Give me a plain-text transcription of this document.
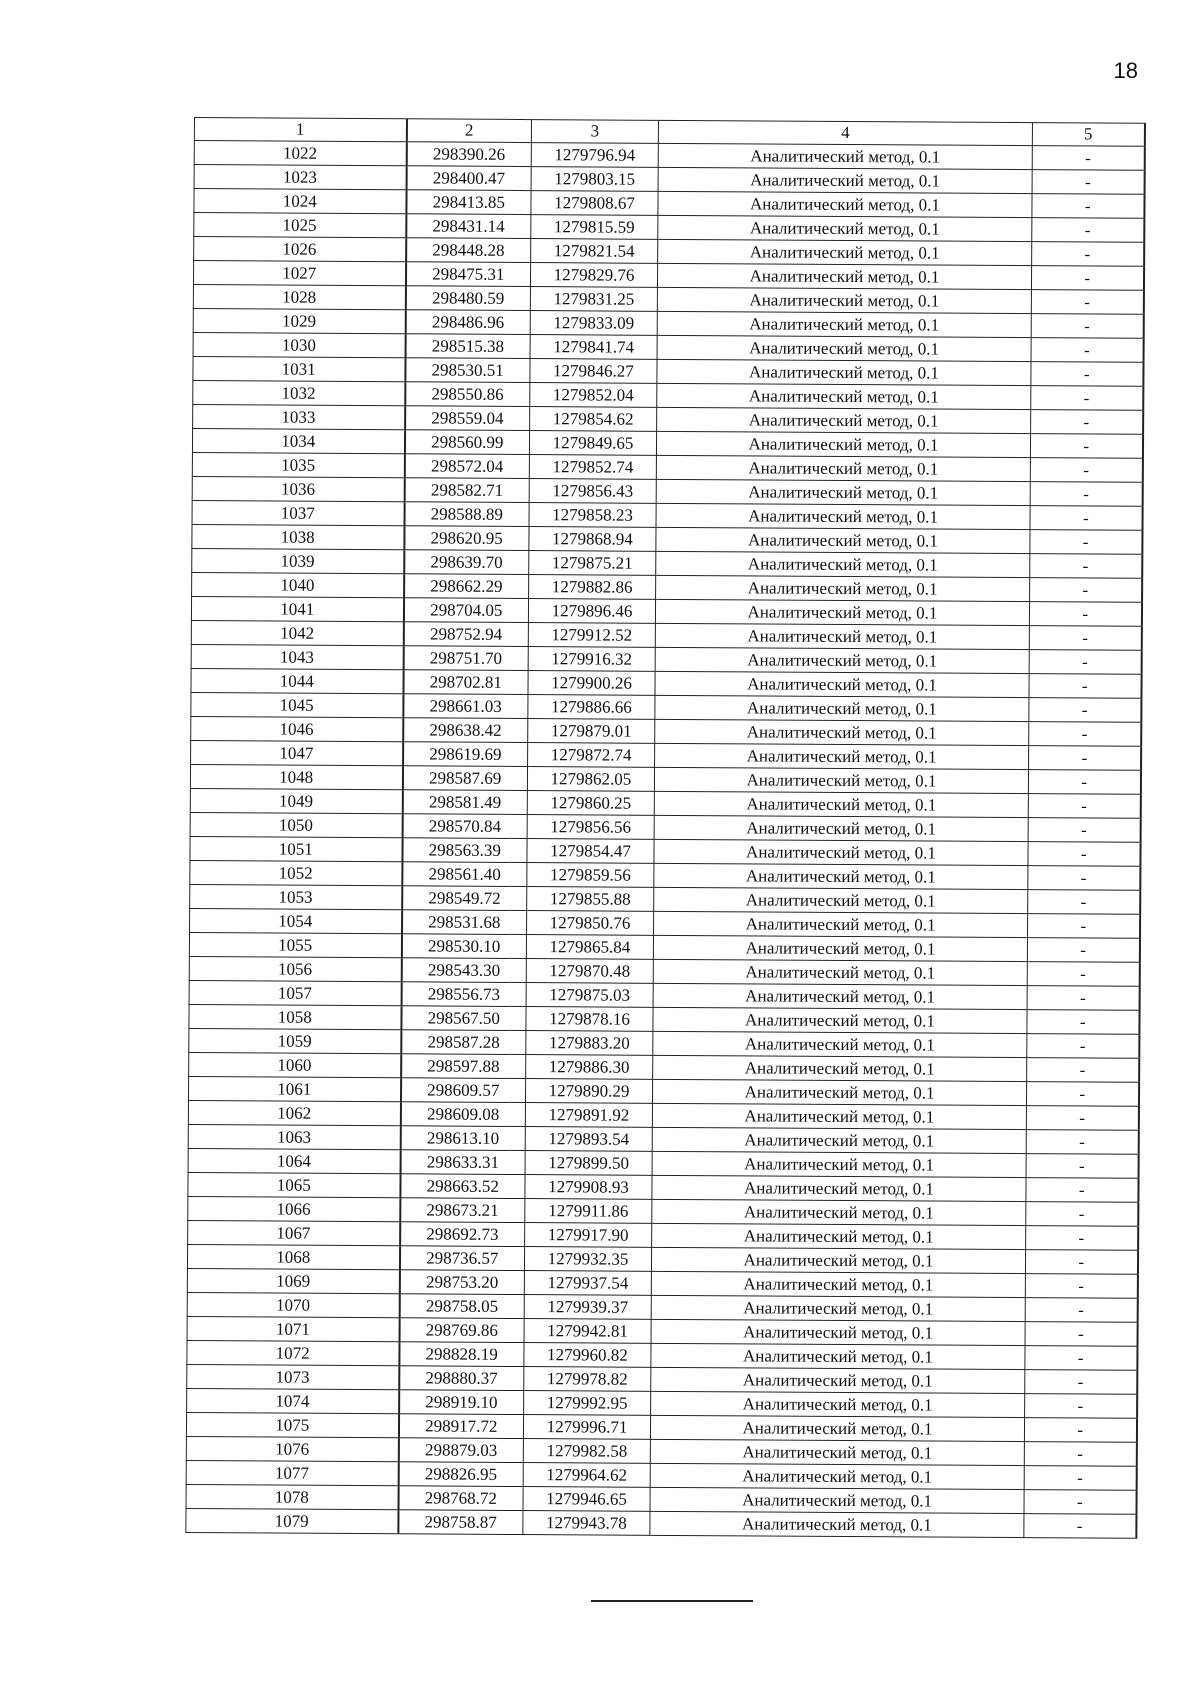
18
1	2	3	4	5
1022	298390.26	1279796.94	Аналитический метод, 0.1	-
1023	298400.47	1279803.15	Аналитический метод, 0.1	-
1024	298413.85	1279808.67	Аналитический метод, 0.1	-
1025	298431.14	1279815.59	Аналитический метод, 0.1	-
1026	298448.28	1279821.54	Аналитический метод, 0.1	-
1027	298475.31	1279829.76	Аналитический метод, 0.1	-
1028	298480.59	1279831.25	Аналитический метод, 0.1	-
1029	298486.96	1279833.09	Аналитический метод, 0.1	-
1030	298515.38	1279841.74	Аналитический метод, 0.1	-
1031	298530.51	1279846.27	Аналитический метод, 0.1	-
1032	298550.86	1279852.04	Аналитический метод, 0.1	-
1033	298559.04	1279854.62	Аналитический метод, 0.1	-
1034	298560.99	1279849.65	Аналитический метод, 0.1	-
1035	298572.04	1279852.74	Аналитический метод, 0.1	-
1036	298582.71	1279856.43	Аналитический метод, 0.1	-
1037	298588.89	1279858.23	Аналитический метод, 0.1	-
1038	298620.95	1279868.94	Аналитический метод, 0.1	-
1039	298639.70	1279875.21	Аналитический метод, 0.1	-
1040	298662.29	1279882.86	Аналитический метод, 0.1	-
1041	298704.05	1279896.46	Аналитический метод, 0.1	-
1042	298752.94	1279912.52	Аналитический метод, 0.1	-
1043	298751.70	1279916.32	Аналитический метод, 0.1	-
1044	298702.81	1279900.26	Аналитический метод, 0.1	-
1045	298661.03	1279886.66	Аналитический метод, 0.1	-
1046	298638.42	1279879.01	Аналитический метод, 0.1	-
1047	298619.69	1279872.74	Аналитический метод, 0.1	-
1048	298587.69	1279862.05	Аналитический метод, 0.1	-
1049	298581.49	1279860.25	Аналитический метод, 0.1	-
1050	298570.84	1279856.56	Аналитический метод, 0.1	-
1051	298563.39	1279854.47	Аналитический метод, 0.1	-
1052	298561.40	1279859.56	Аналитический метод, 0.1	-
1053	298549.72	1279855.88	Аналитический метод, 0.1	-
1054	298531.68	1279850.76	Аналитический метод, 0.1	-
1055	298530.10	1279865.84	Аналитический метод, 0.1	-
1056	298543.30	1279870.48	Аналитический метод, 0.1	-
1057	298556.73	1279875.03	Аналитический метод, 0.1	-
1058	298567.50	1279878.16	Аналитический метод, 0.1	-
1059	298587.28	1279883.20	Аналитический метод, 0.1	-
1060	298597.88	1279886.30	Аналитический метод, 0.1	-
1061	298609.57	1279890.29	Аналитический метод, 0.1	-
1062	298609.08	1279891.92	Аналитический метод, 0.1	-
1063	298613.10	1279893.54	Аналитический метод, 0.1	-
1064	298633.31	1279899.50	Аналитический метод, 0.1	-
1065	298663.52	1279908.93	Аналитический метод, 0.1	-
1066	298673.21	1279911.86	Аналитический метод, 0.1	-
1067	298692.73	1279917.90	Аналитический метод, 0.1	-
1068	298736.57	1279932.35	Аналитический метод, 0.1	-
1069	298753.20	1279937.54	Аналитический метод, 0.1	-
1070	298758.05	1279939.37	Аналитический метод, 0.1	-
1071	298769.86	1279942.81	Аналитический метод, 0.1	-
1072	298828.19	1279960.82	Аналитический метод, 0.1	-
1073	298880.37	1279978.82	Аналитический метод, 0.1	-
1074	298919.10	1279992.95	Аналитический метод, 0.1	-
1075	298917.72	1279996.71	Аналитический метод, 0.1	-
1076	298879.03	1279982.58	Аналитический метод, 0.1	-
1077	298826.95	1279964.62	Аналитический метод, 0.1	-
1078	298768.72	1279946.65	Аналитический метод, 0.1	-
1079	298758.87	1279943.78	Аналитический метод, 0.1	-
